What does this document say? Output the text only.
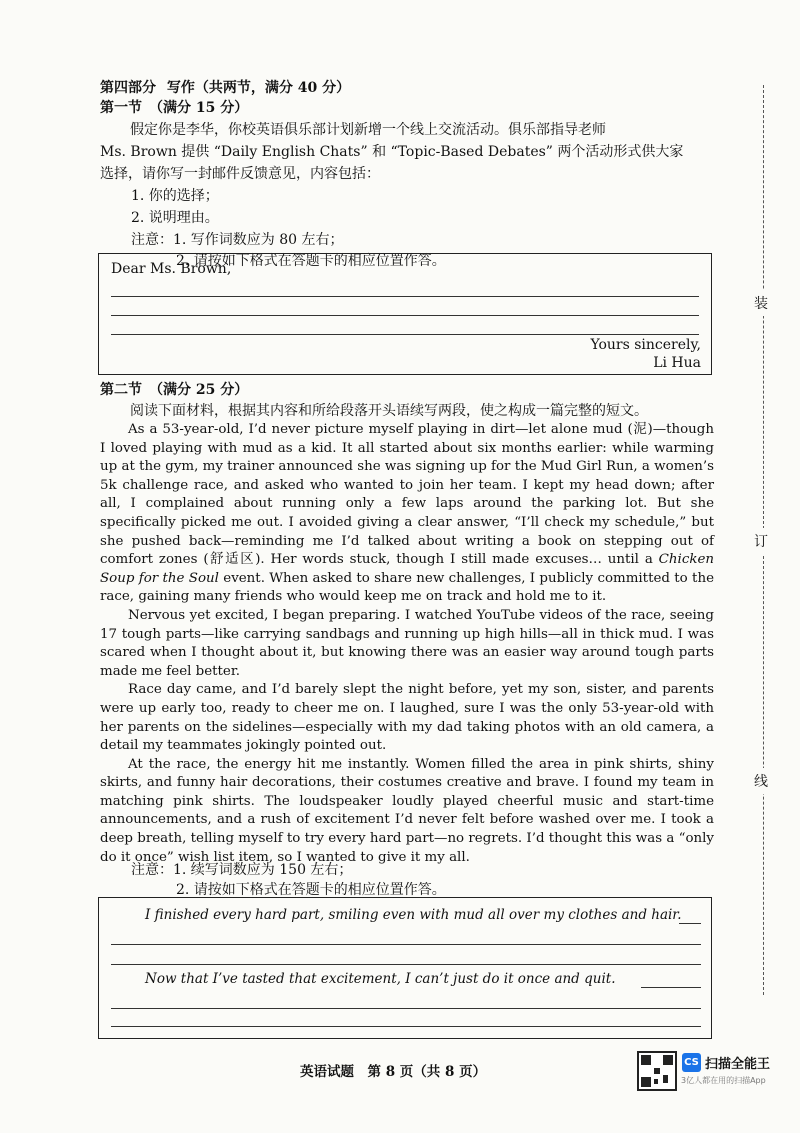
第四部分 写作（共两节，满分 40 分）
第一节　（满分 15 分）
假定你是李华，你校英语俱乐部计划新增一个线上交流活动。俱乐部指导老师
Ms. Brown 提供 “Daily English Chats” 和 “Topic-Based Debates” 两个活动形式供大家
选择，请你写一封邮件反馈意见，内容包括：
1. 你的选择；
2. 说明理由。
注意：1. 写作词数应为 80 左右；
2. 请按如下格式在答题卡的相应位置作答。
Dear Ms. Brown,
Yours sincerely,
Li Hua
第二节　（满分 25 分）
阅读下面材料，根据其内容和所给段落开头语续写两段，使之构成一篇完整的短文。

As a 53-year-old, I’d never picture myself playing in dirt—let alone mud (泥)—though I loved playing with mud as a kid. It all started about six months earlier: while warming up at the gym, my trainer announced she was signing up for the Mud Girl Run, a women’s 5k challenge race, and asked who wanted to join her team. I kept my head down; after all, I complained about running only a few laps around the parking lot. But she specifically picked me out. I avoided giving a clear answer, “I’ll check my schedule,” but she pushed back—reminding me I’d talked about writing a book on stepping out of comfort zones (舒适区). Her words stuck, though I still made excuses… until a Chicken Soup for the Soul event. When asked to share new challenges, I publicly committed to the race, gaining many friends who would keep me on track and hold me to it.

Nervous yet excited, I began preparing. I watched YouTube videos of the race, seeing 17 tough parts—like carrying sandbags and running up high hills—all in thick mud. I was scared when I thought about it, but knowing there was an easier way around tough parts made me feel better.

Race day came, and I’d barely slept the night before, yet my son, sister, and parents were up early too, ready to cheer me on. I laughed, sure I was the only 53-year-old with her parents on the sidelines—especially with my dad taking photos with an old camera, a detail my teammates jokingly pointed out.

At the race, the energy hit me instantly. Women filled the area in pink shirts, shiny skirts, and funny hair decorations, their costumes creative and brave. I found my team in matching pink shirts. The loudspeaker loudly played cheerful music and start-time announcements, and a rush of excitement I’d never felt before washed over me. I took a deep breath, telling myself to try every hard part—no regrets. I’d thought this was a “only do it once” wish list item, so I wanted to give it my all.

注意：1. 续写词数应为 150 左右；
2. 请按如下格式在答题卡的相应位置作答。
I finished every hard part, smiling even with mud all over my clothes and hair.
Now that I’ve tasted that excitement, I can’t just do it once and quit.
装
订
线
英语试题　第 8 页（共 8 页）
CS 扫描全能王
3亿人都在用的扫描App
